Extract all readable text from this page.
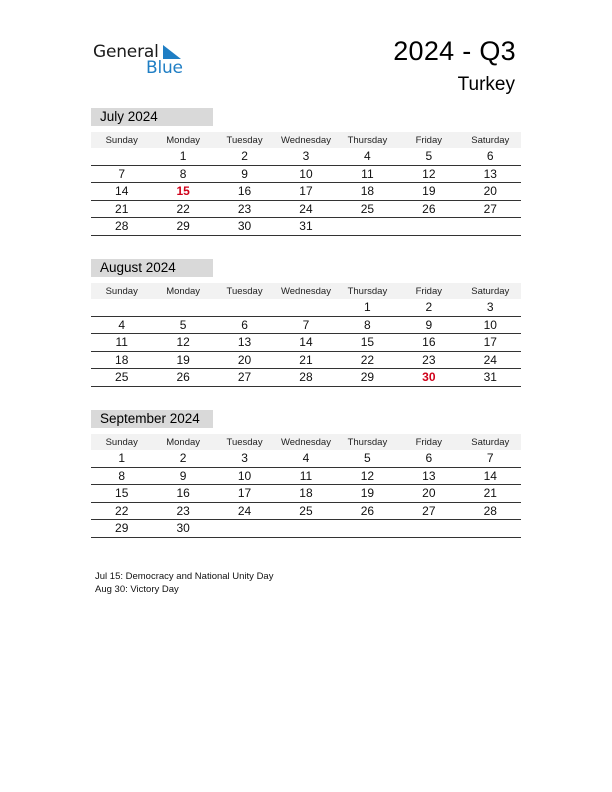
General
Blue
2024 - Q3
Turkey
July 2024
Sunday	Monday	Tuesday	Wednesday	Thursday	Friday	Saturday
	1	2	3	4	5	6
7	8	9	10	11	12	13
14	15	16	17	18	19	20
21	22	23	24	25	26	27
28	29	30	31			
August 2024
Sunday	Monday	Tuesday	Wednesday	Thursday	Friday	Saturday
				1	2	3
4	5	6	7	8	9	10
11	12	13	14	15	16	17
18	19	20	21	22	23	24
25	26	27	28	29	30	31
September 2024
Sunday	Monday	Tuesday	Wednesday	Thursday	Friday	Saturday
1	2	3	4	5	6	7
8	9	10	11	12	13	14
15	16	17	18	19	20	21
22	23	24	25	26	27	28
29	30					
Jul 15: Democracy and National Unity Day
Aug 30: Victory Day
